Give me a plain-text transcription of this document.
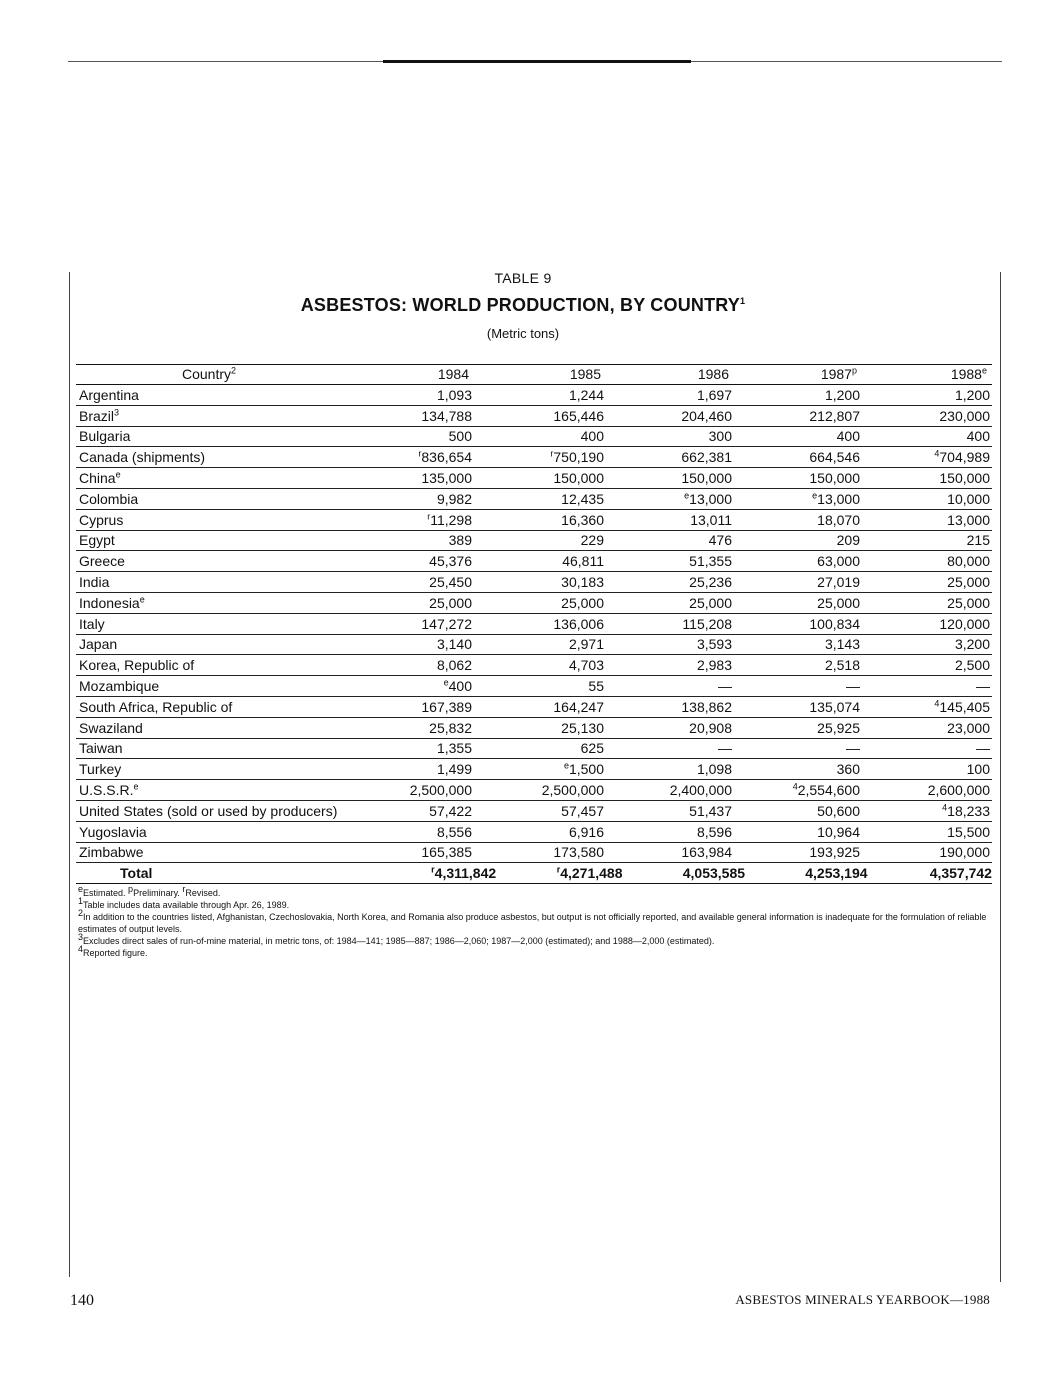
TABLE 9
ASBESTOS: WORLD PRODUCTION, BY COUNTRY$^1$
(Metric tons)
Country$^2$	1984	1985	1986	1987$^p$	1988e
Argentina	1,093	1,244	1,697	1,200	1,200
Brazil$^3$	134,788	165,446	204,460	212,807	230,000
Bulgaria	500	400	300	400	400
Canada (shipments)	$^r$836,654	$^r$750,190	662,381	664,546	$^4$704,989
China$^e$	135,000	150,000	150,000	150,000	150,000
Colombia	9,982	12,435	$^e$13,000	$^e$13,000	10,000
Cyprus	$^r$11,298	16,360	13,011	18,070	13,000
Egypt	389	229	476	209	215
Greece	45,376	46,811	51,355	63,000	80,000
India	25,450	30,183	25,236	27,019	25,000
Indonesia$^e$	25,000	25,000	25,000	25,000	25,000
Italy	147,272	136,006	115,208	100,834	120,000
Japan	3,140	2,971	3,593	3,143	3,200
Korea, Republic of	8,062	4,703	2,983	2,518	2,500
Mozambique	$^e$400	55	—	—	—
South Africa, Republic of	167,389	164,247	138,862	135,074	$^4$145,405
Swaziland	25,832	25,130	20,908	25,925	23,000
Taiwan	1,355	625	—	—	—
Turkey	1,499	$^e$1,500	1,098	360	100
U.S.S.R.$^e$	2,500,000	2,500,000	2,400,000	$^4$2,554,600	2,600,000
United States (sold or used by producers)	57,422	57,457	51,437	50,600	$^4$18,233
Yugoslavia	8,556	6,916	8,596	10,964	15,500
Zimbabwe	165,385	173,580	163,984	193,925	190,000
Total	$^r$4,311,842	$^r$4,271,488	4,053,585	4,253,194	4,357,742

$^e$Estimated. $^p$Preliminary. $^r$Revised.

$^1$Table includes data available through Apr. 26, 1989.

$^2$In addition to the countries listed, Afghanistan, Czechoslovakia, North Korea, and Romania also produce asbestos, but output is not officially reported, and available general information is inadequate for the formulation of reliable estimates of output levels.

$^3$Excludes direct sales of run-of-mine material, in metric tons, of: 1984—141; 1985—887; 1986—2,060; 1987—2,000 (estimated); and 1988—2,000 (estimated).

$^4$Reported figure.

140	ASBESTOS MINERALS YEARBOOK—1988
